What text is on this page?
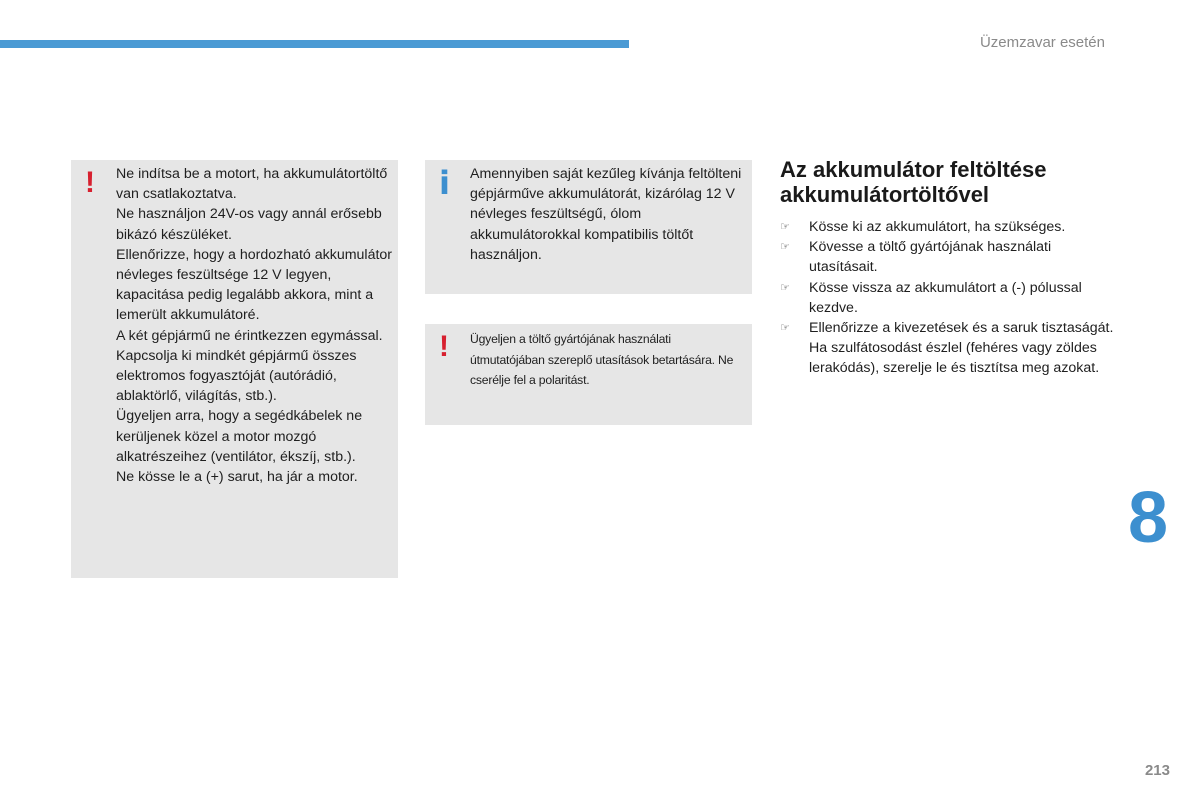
Üzemzavar esetén
! Ne indítsa be a motort, ha akkumulátortöltő van csatlakoztatva.

Ne használjon 24V-os vagy annál erősebb bikázó készüléket.

Ellenőrizze, hogy a hordozható akkumulátor névleges feszültsége 12 V legyen, kapacitása pedig legalább akkora, mint a lemerült akkumulátoré.

A két gépjármű ne érintkezzen egymással.

Kapcsolja ki mindkét gépjármű összes elektromos fogyasztóját (autórádió, ablaktörlő, világítás, stb.).

Ügyeljen arra, hogy a segédkábelek ne kerüljenek közel a motor mozgó alkatrészeihez (ventilátor, ékszíj, stb.).

Ne kösse le a (+) sarut, ha jár a motor.

i Amennyiben saját kezűleg kívánja feltölteni gépjárműve akkumulátorát, kizárólag 12 V névleges feszültségű, ólom akkumulátorokkal kompatibilis töltőt használjon.
! Ügyeljen a töltő gyártójának használati útmutatójában szereplő utasítások betartására. Ne cserélje fel a polaritást.
Az akkumulátor feltöltése akkumulátortöltővel
☞ Kösse ki az akkumulátort, ha szükséges.
☞ Kövesse a töltő gyártójának használati utasításait.
☞ Kösse vissza az akkumulátort a (-) pólussal kezdve.
☞ Ellenőrizze a kivezetések és a saruk tisztaságát. Ha szulfátosodást észlel (fehéres vagy zöldes lerakódás), szerelje le és tisztítsa meg azokat.
8
213
